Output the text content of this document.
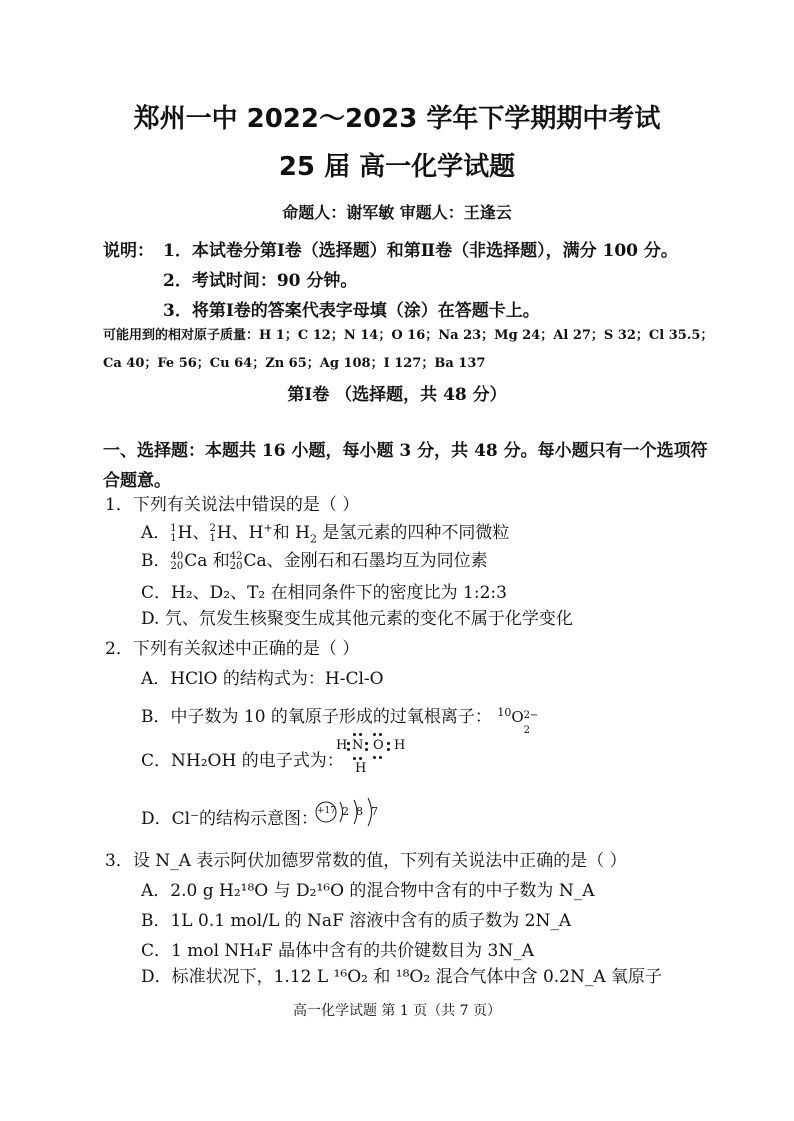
郑州一中 2022～2023 学年下学期期中考试
25 届 高一化学试题
命题人：谢军敏 审题人：王逢云
说明： 1．本试卷分第Ⅰ卷（选择题）和第Ⅱ卷（非选择题），满分 100 分。
2．考试时间：90 分钟。
3．将第Ⅰ卷的答案代表字母填（涂）在答题卡上。
可能用到的相对原子质量：H 1；C 12；N 14；O 16；Na 23；Mg 24；Al 27；S 32；Cl 35.5；
Ca 40；Fe 56；Cu 64；Zn 65；Ag 108；I 127；Ba 137
第Ⅰ卷 （选择题，共 48 分）
一、选择题：本题共 16 小题，每小题 3 分，共 48 分。每小题只有一个选项符
合题意。
1．下列有关说法中错误的是（ ）
A． 1
1 H、 2
1 H、H+和 $H_2$ 是氢元素的四种不同微粒
B． 40
20 Ca 和 42
20 Ca、金刚石和石墨均互为同位素
C．H₂、D₂、T₂ 在相同条件下的密度比为 1:2:3
D. 氕、氘发生核聚变生成其他元素的变化不属于化学变化
2．下列有关叙述中正确的是（ ）
A．HClO 的结构式为：H-Cl-O
B．中子数为 10 的氧原子形成的过氧根离子： $^{10}$O 2−
2
C．NH₂OH 的电子式为：
H N
H
O H
D．Cl⁻的结构示意图：
+17 2 8 7
3．设 N_A 表示阿伏加德罗常数的值，下列有关说法中正确的是（ ）
A．2.0 g H₂¹⁸O 与 D₂¹⁶O 的混合物中含有的中子数为 N_A
B．1L 0.1 mol/L 的 NaF 溶液中含有的质子数为 2N_A
C．1 mol NH₄F 晶体中含有的共价键数目为 3N_A
D．标准状况下，1.12 L ¹⁶O₂ 和 ¹⁸O₂ 混合气体中含 0.2N_A 氧原子
高一化学试题 第 1 页（共 7 页）
